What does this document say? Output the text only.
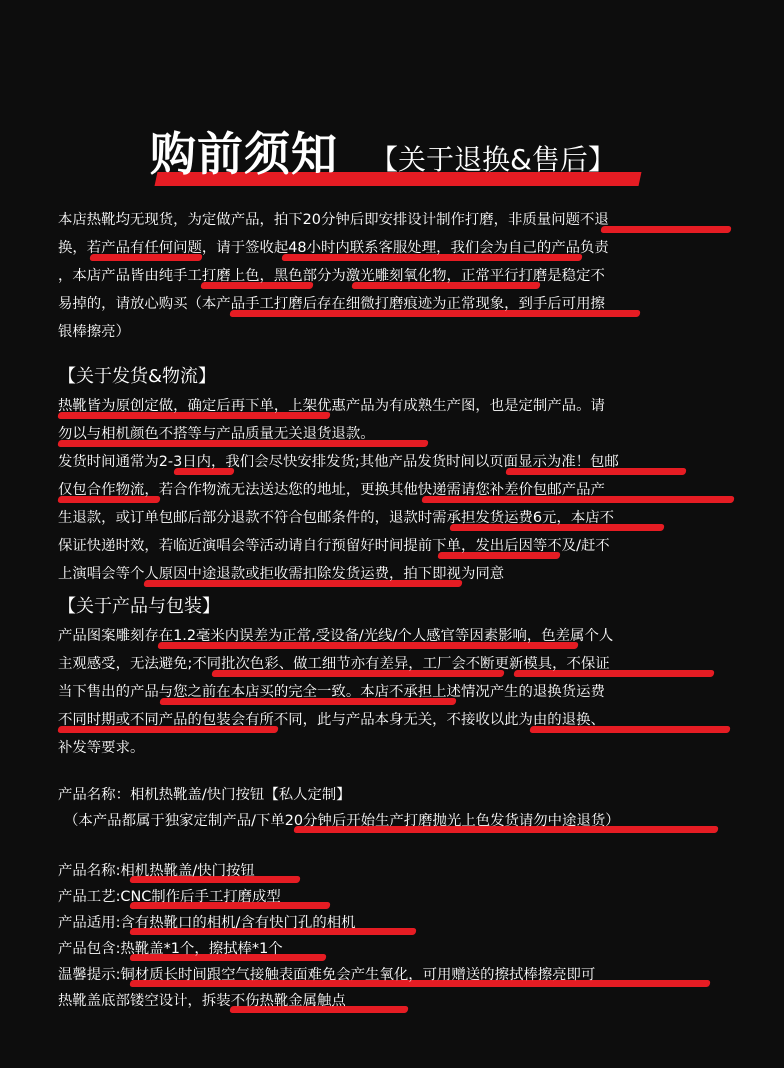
购前须知 【关于退换&售后】
本店热靴均无现货，为定做产品，拍下20分钟后即安排设计制作打磨，非质量问题不退
换，若产品有任何问题，请于签收起48小时内联系客服处理，我们会为自己的产品负责
，本店产品皆由纯手工打磨上色，黑色部分为激光雕刻氧化物，正常平行打磨是稳定不
易掉的，请放心购买（本产品手工打磨后存在细微打磨痕迹为正常现象，到手后可用擦
银棒擦亮）
【关于发货&物流】
热靴皆为原创定做，确定后再下单，上架优惠产品为有成熟生产图，也是定制产品。请
勿以与相机颜色不搭等与产品质量无关退货退款。
发货时间通常为2-3日内，我们会尽快安排发货;其他产品发货时间以页面显示为准！包邮
仅包合作物流，若合作物流无法送达您的地址，更换其他快递需请您补差价包邮产品产
生退款，或订单包邮后部分退款不符合包邮条件的，退款时需承担发货运费6元，本店不
保证快递时效，若临近演唱会等活动请自行预留好时间提前下单，发出后因等不及/赶不
上演唱会等个人原因中途退款或拒收需扣除发货运费，拍下即视为同意
【关于产品与包装】
产品图案雕刻存在1.2毫米内误差为正常,受设备/光线/个人感官等因素影响，色差属个人
主观感受，无法避免;不同批次色彩、做工细节亦有差异，工厂会不断更新模具，不保证
当下售出的产品与您之前在本店买的完全一致。本店不承担上述情况产生的退换货运费
不同时期或不同产品的包装会有所不同，此与产品本身无关，不接收以此为由的退换、
补发等要求。
产品名称：相机热靴盖/快门按钮【私人定制】
（本产品都属于独家定制产品/下单20分钟后开始生产打磨抛光上色发货请勿中途退货）
产品名称:相机热靴盖/快门按钮
产品工艺:CNC制作后手工打磨成型
产品适用:含有热靴口的相机/含有快门孔的相机
产品包含:热靴盖*1个，擦拭棒*1个
温馨提示:铜材质长时间跟空气接触表面难免会产生氧化，可用赠送的擦拭棒擦亮即可
热靴盖底部镂空设计，拆装不伤热靴金属触点
